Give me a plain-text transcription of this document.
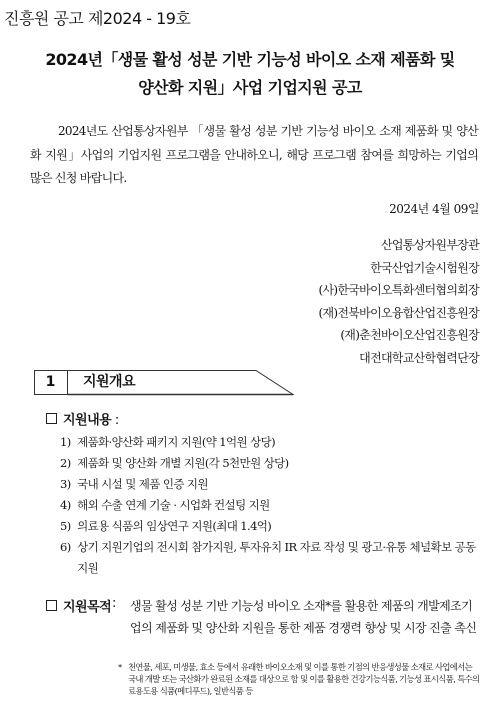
진흥원 공고 제2024 - 19호
2024년「생물 활성 성분 기반 기능성 바이오 소재 제품화 및
양산화 지원」사업 기업지원 공고
2024년도 산업통상자원부 「생물 활성 성분 기반 기능성 바이오 소재 제품화 및 양산화 지원」사업의 기업지원 프로그램을 안내하오니, 해당 프로그램 참여를 희망하는 기업의 많은 신청 바랍니다.
2024년 4월 09일
산업통상자원부장관
한국산업기술시험원장
(사)한국바이오특화센터협의회장
(재)전북바이오융합산업진흥원장
(재)춘천바이오산업진흥원장
대전대학교산학협력단장
1	지원개요
지원내용 :
1)
제품화·양산화 패키지 지원(약 1억원 상당)
2)
제품화 및 양산화 개별 지원(각 5천만원 상당)
3)
국내 시설 및 제품 인증 지원
4)
해외 수출 연계 기술 · 시업화 컨설팅 지원
5)
의료용 식품의 임상연구 지원(최대 1.4억)
6)
상기 지원기업의 전시회 참가지원, 투자유치 IR 자료 작성 및 광고·유통 체널확보 공동지원
지원목적 : 생물 활성 성분 기반 기능성 바이오 소재*를 활용한 제품의 개발제조기업의 제품화 및 양산화 지원을 통한 제품 경쟁력 향상 및 시장 진출 촉신
* 천연물, 세포, 미생물, 효소 등에서 유래한 바이오소재 및 이를 통한 기점의 반응생성물 소재로 사업에서는 국내 개발 또는 국산화가 완료된 소재를 대상으로 함 및 이를 활용한 건강기능식품, 기능성 표시식품, 특수의료용도용 식품(메디푸드), 일반식품 등
